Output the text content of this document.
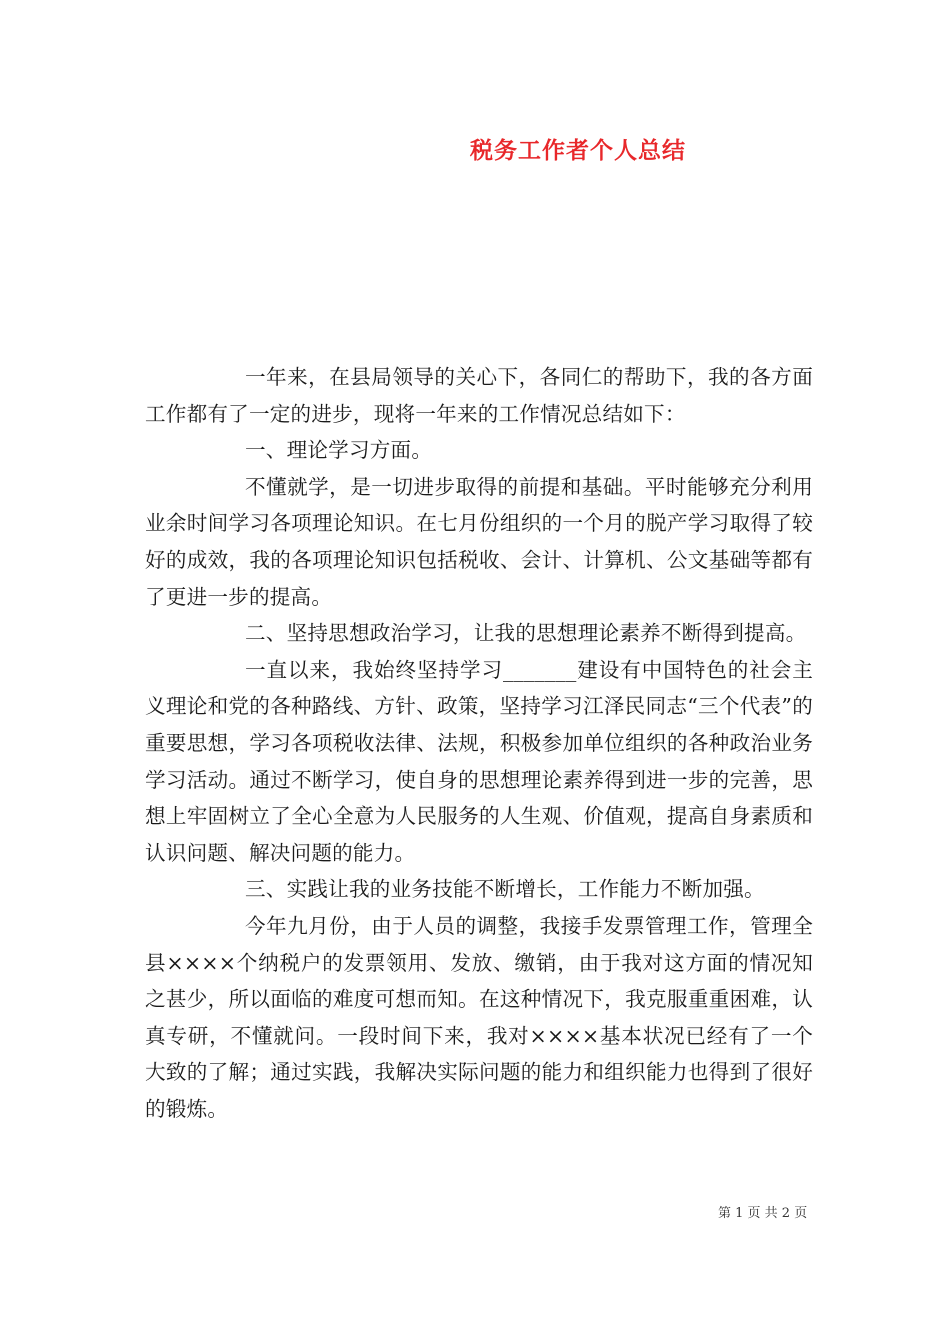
税务工作者个人总结

一年来，在县局领导的关心下，各同仁的帮助下，我的各方面工作都有了一定的进步，现将一年来的工作情况总结如下：

一、理论学习方面。

不懂就学，是一切进步取得的前提和基础。平时能够充分利用业余时间学习各项理论知识。在七月份组织的一个月的脱产学习取得了较好的成效，我的各项理论知识包括税收、会计、计算机、公文基础等都有了更进一步的提高。

二、坚持思想政治学习，让我的思想理论素养不断得到提高。

一直以来，我始终坚持学习_______建设有中国特色的社会主义理论和党的各种路线、方针、政策，坚持学习江泽民同志“三个代表”的重要思想，学习各项税收法律、法规，积极参加单位组织的各种政治业务学习活动。通过不断学习，使自身的思想理论素养得到进一步的完善，思想上牢固树立了全心全意为人民服务的人生观、价值观，提高自身素质和认识问题、解决问题的能力。

三、实践让我的业务技能不断增长，工作能力不断加强。

今年九月份，由于人员的调整，我接手发票管理工作，管理全县××××个纳税户的发票领用、发放、缴销，由于我对这方面的情况知之甚少，所以面临的难度可想而知。在这种情况下，我克服重重困难，认真专研，不懂就问。一段时间下来，我对××××基本状况已经有了一个大致的了解；通过实践，我解决实际问题的能力和组织能力也得到了很好的锻炼。

第 1 页 共 2 页
